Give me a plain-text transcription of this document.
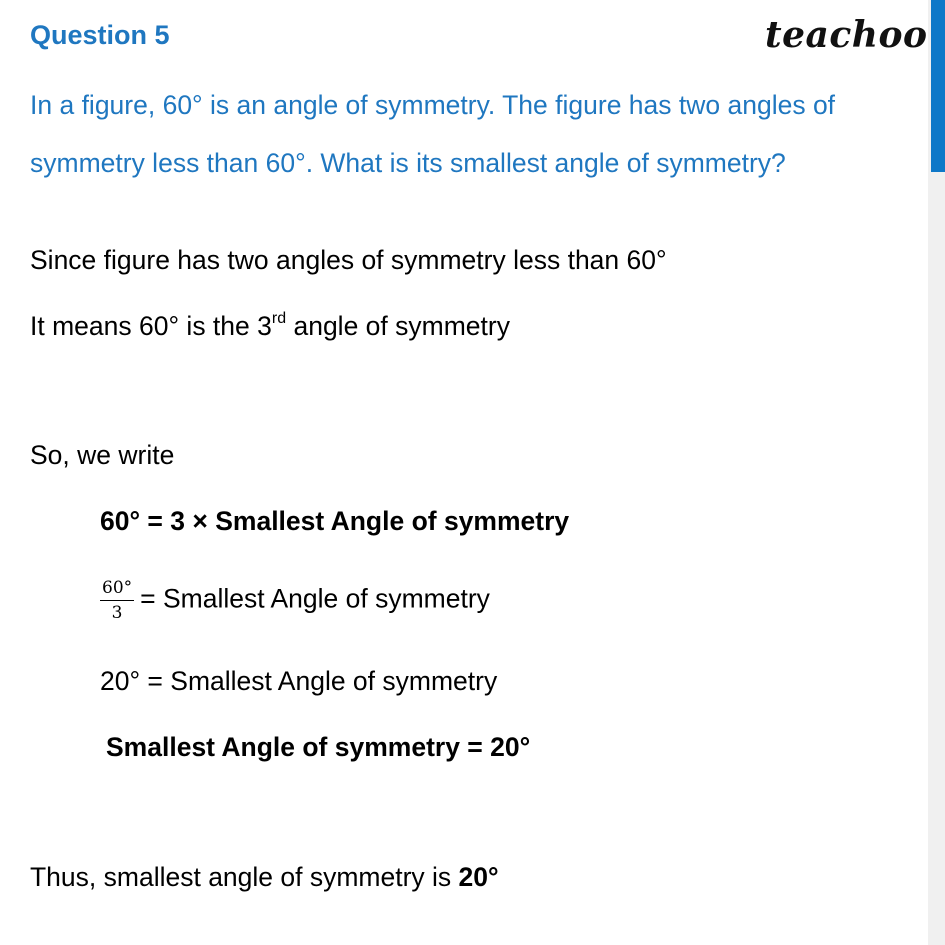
Question 5	teachoo
In a figure, 60° is an angle of symmetry. The figure has two angles of symmetry less than 60°. What is its smallest angle of symmetry?
Since figure has two angles of symmetry less than 60°
It means 60° is the 3rd angle of symmetry
So, we write
60° = 3 × Smallest Angle of symmetry
$\frac{60^\circ}{3}$ = Smallest Angle of symmetry
20° = Smallest Angle of symmetry
Smallest Angle of symmetry = 20°
Thus, smallest angle of symmetry is 20°
